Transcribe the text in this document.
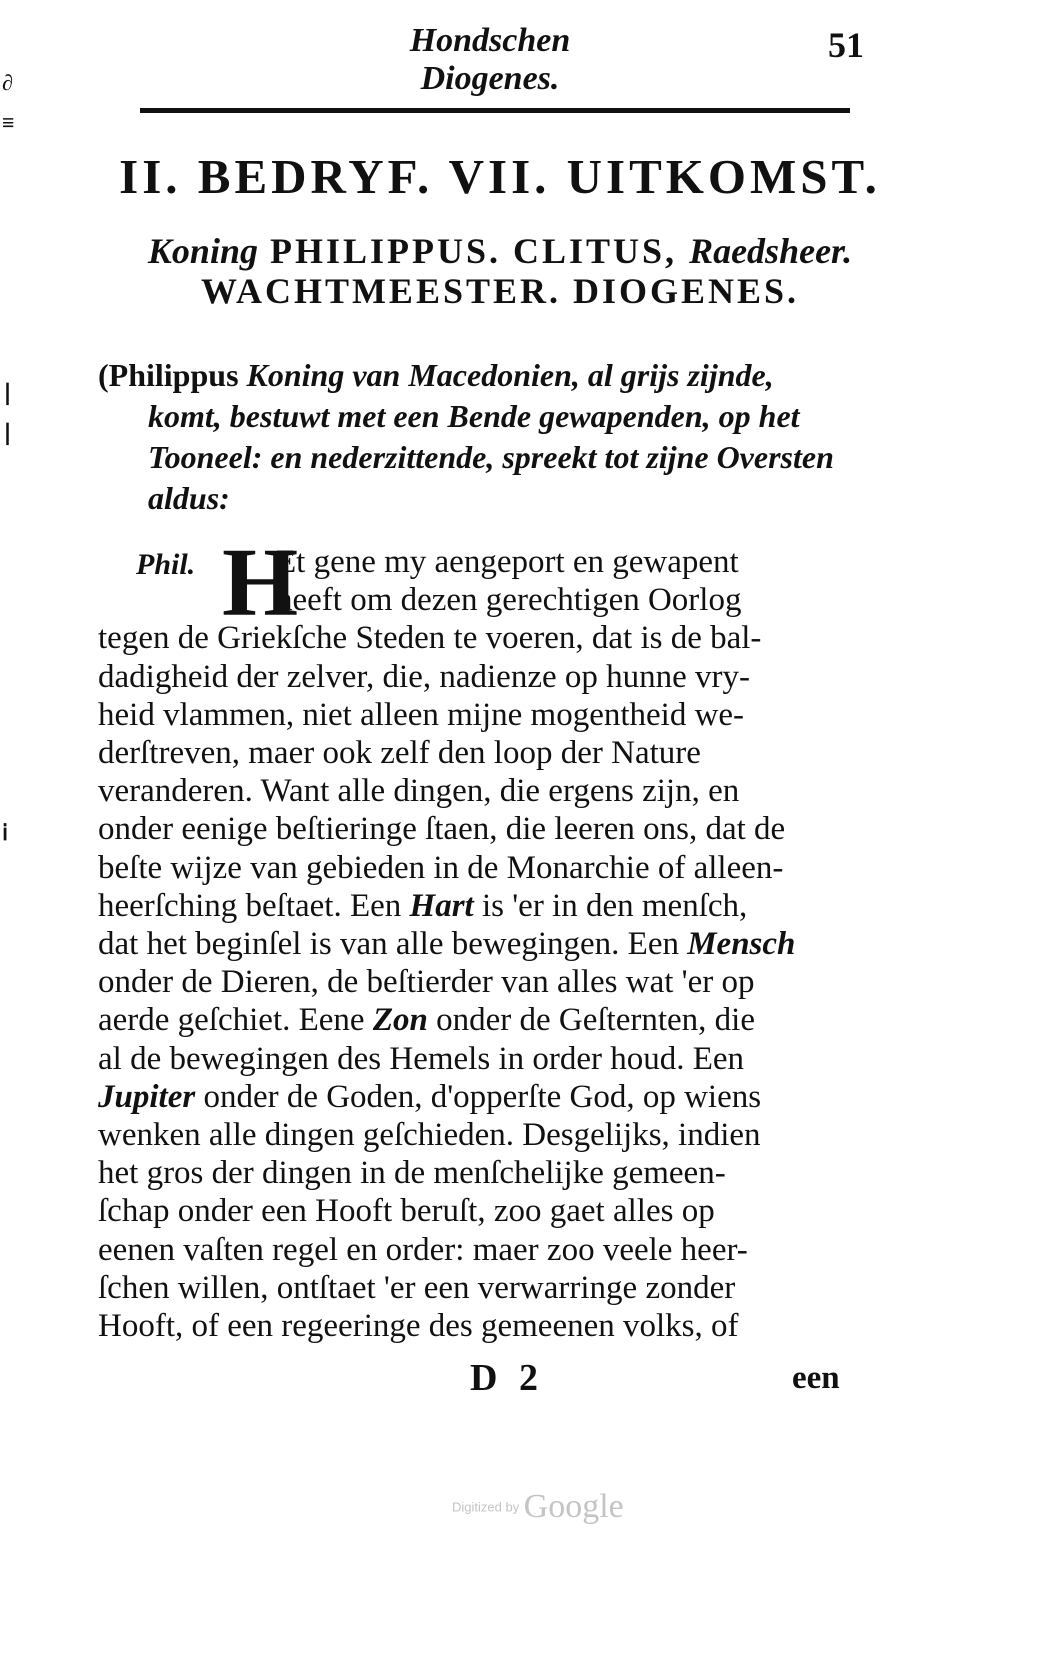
Hondschen Diogenes.
51
II. BEDRYF. VII. UITKOMST.
Koning PHILIPPUS. CLITUS, Raedsheer.
WACHTMEESTER. DIOGENES.
(Philippus Koning van Macedonien, al grijs zijnde,
komt, bestuwt met een Bende gewapenden, op het
Tooneel: en nederzittende, spreekt tot zijne Oversten
aldus:
Phil. H
Et gene my aengeport en gewapent
heeft om dezen gerechtigen Oorlog
tegen de Griekſche Steden te voeren, dat is de bal-
dadigheid der zelver, die, nadienze op hunne vry-
heid vlammen, niet alleen mijne mogentheid we-
derſtreven, maer ook zelf den loop der Nature
veranderen. Want alle dingen, die ergens zijn, en
onder eenige beſtieringe ſtaen, die leeren ons, dat de
beſte wijze van gebieden in de Monarchie of alleen-
heerſching beſtaet. Een Hart is 'er in den menſch,
dat het beginſel is van alle bewegingen. Een Mensch
onder de Dieren, de beſtierder van alles wat 'er op
aerde geſchiet. Eene Zon onder de Geſternten, die
al de bewegingen des Hemels in order houd. Een
Jupiter onder de Goden, d'opperſte God, op wiens
wenken alle dingen geſchieden. Desgelijks, indien
het gros der dingen in de menſchelijke gemeen-
ſchap onder een Hooft beruſt, zoo gaet alles op
eenen vaſten regel en order: maer zoo veele heer-
ſchen willen, ontſtaet 'er een verwarringe zonder
Hooft, of een regeeringe des gemeenen volks, of
D 2	een
Digitized by Google
∂
≡
∣
∣
ⅰ
